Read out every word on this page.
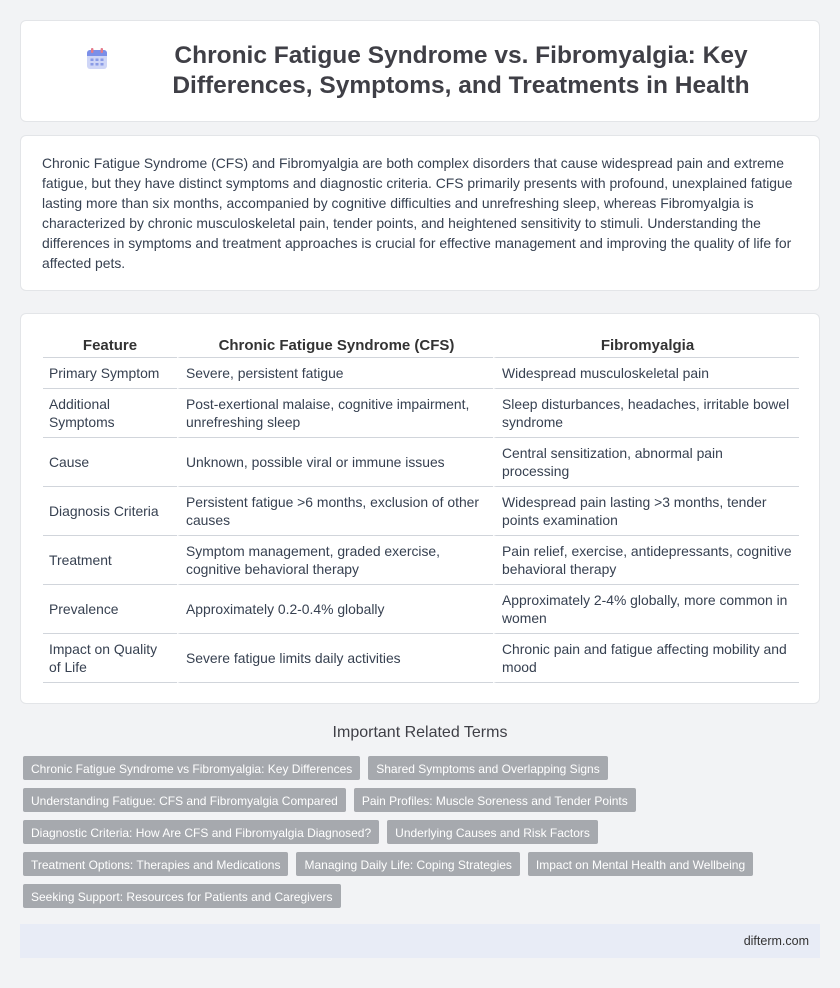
Chronic Fatigue Syndrome vs. Fibromyalgia: Key Differences, Symptoms, and Treatments in Health

Chronic Fatigue Syndrome (CFS) and Fibromyalgia are both complex disorders that cause widespread pain and extreme fatigue, but they have distinct symptoms and diagnostic criteria. CFS primarily presents with profound, unexplained fatigue lasting more than six months, accompanied by cognitive difficulties and unrefreshing sleep, whereas Fibromyalgia is characterized by chronic musculoskeletal pain, tender points, and heightened sensitivity to stimuli. Understanding the differences in symptoms and treatment approaches is crucial for effective management and improving the quality of life for affected pets.

Feature	Chronic Fatigue Syndrome (CFS)	Fibromyalgia
Primary Symptom	Severe, persistent fatigue	Widespread musculoskeletal pain
Additional Symptoms	Post-exertional malaise, cognitive impairment, unrefreshing sleep	Sleep disturbances, headaches, irritable bowel syndrome
Cause	Unknown, possible viral or immune issues	Central sensitization, abnormal pain processing
Diagnosis Criteria	Persistent fatigue >6 months, exclusion of other causes	Widespread pain lasting >3 months, tender points examination
Treatment	Symptom management, graded exercise, cognitive behavioral therapy	Pain relief, exercise, antidepressants, cognitive behavioral therapy
Prevalence	Approximately 0.2-0.4% globally	Approximately 2-4% globally, more common in women
Impact on Quality of Life	Severe fatigue limits daily activities	Chronic pain and fatigue affecting mobility and mood
Important Related Terms
Chronic Fatigue Syndrome vs Fibromyalgia: Key Differences	Shared Symptoms and Overlapping Signs
Understanding Fatigue: CFS and Fibromyalgia Compared	Pain Profiles: Muscle Soreness and Tender Points
Diagnostic Criteria: How Are CFS and Fibromyalgia Diagnosed?	Underlying Causes and Risk Factors
Treatment Options: Therapies and Medications	Managing Daily Life: Coping Strategies	Impact on Mental Health and Wellbeing
Seeking Support: Resources for Patients and Caregivers
difterm.com
